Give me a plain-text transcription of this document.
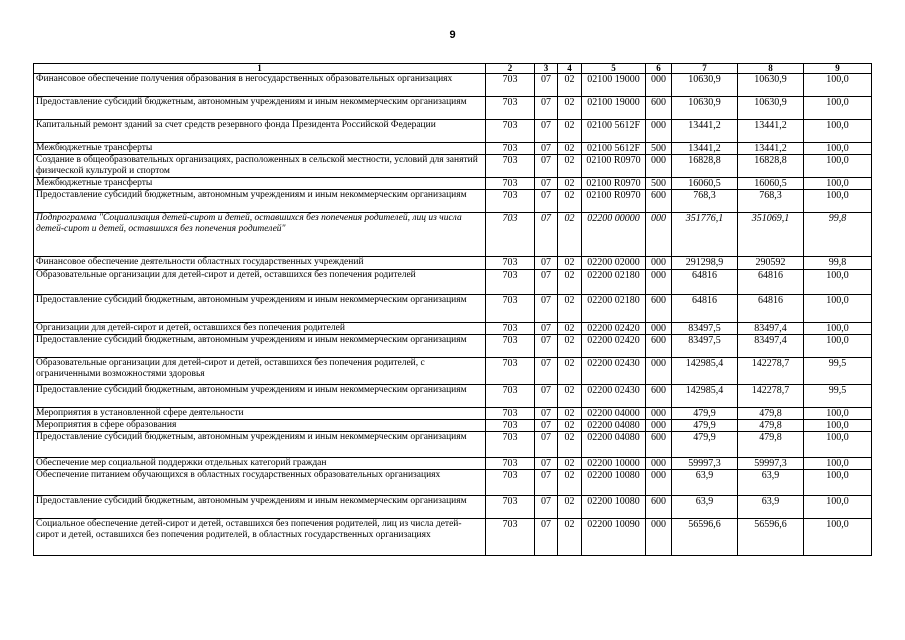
9
1	2	3	4	5	6	7	8	9
Финансовое обеспечение получения образования в негосударственных образовательных организациях	703	07	02	02100 19000	000	10630,9	10630,9	100,0
Предоставление субсидий бюджетным, автономным учреждениям и иным некоммерческим организациям	703	07	02	02100 19000	600	10630,9	10630,9	100,0
Капитальный ремонт зданий за счет средств резервного фонда Президента Российской Федерации	703	07	02	02100 5612F	000	13441,2	13441,2	100,0
Межбюджетные трансферты	703	07	02	02100 5612F	500	13441,2	13441,2	100,0
Создание в общеобразовательных организациях, расположенных в сельской местности, условий для занятий физической культурой и спортом	703	07	02	02100 R0970	000	16828,8	16828,8	100,0
Межбюджетные трансферты	703	07	02	02100 R0970	500	16060,5	16060,5	100,0
Предоставление субсидий бюджетным, автономным учреждениям и иным некоммерческим организациям	703	07	02	02100 R0970	600	768,3	768,3	100,0
Подпрограмма "Социализация детей-сирот и детей, оставшихся без попечения родителей, лиц из числа детей-сирот и детей, оставшихся без попечения родителей"	703	07	02	02200 00000	000	351776,1	351069,1	99,8
Финансовое обеспечение деятельности областных государственных учреждений	703	07	02	02200 02000	000	291298,9	290592	99,8
Образовательные организации для детей-сирот и детей, оставшихся без попечения родителей	703	07	02	02200 02180	000	64816	64816	100,0
Предоставление субсидий бюджетным, автономным учреждениям и иным некоммерческим организациям	703	07	02	02200 02180	600	64816	64816	100,0
Организации для детей-сирот и детей, оставшихся без попечения родителей	703	07	02	02200 02420	000	83497,5	83497,4	100,0
Предоставление субсидий бюджетным, автономным учреждениям и иным некоммерческим организациям	703	07	02	02200 02420	600	83497,5	83497,4	100,0
Образовательные организации для детей-сирот и детей, оставшихся без попечения родителей, с ограниченными возможностями здоровья	703	07	02	02200 02430	000	142985,4	142278,7	99,5
Предоставление субсидий бюджетным, автономным учреждениям и иным некоммерческим организациям	703	07	02	02200 02430	600	142985,4	142278,7	99,5
Мероприятия в установленной сфере деятельности	703	07	02	02200 04000	000	479,9	479,8	100,0
Мероприятия в сфере образования	703	07	02	02200 04080	000	479,9	479,8	100,0
Предоставление субсидий бюджетным, автономным учреждениям и иным некоммерческим организациям	703	07	02	02200 04080	600	479,9	479,8	100,0
Обеспечение мер социальной поддержки отдельных категорий граждан	703	07	02	02200 10000	000	59997,3	59997,3	100,0
Обеспечение питанием обучающихся в областных государственных образовательных организациях	703	07	02	02200 10080	000	63,9	63,9	100,0
Предоставление субсидий бюджетным, автономным учреждениям и иным некоммерческим организациям	703	07	02	02200 10080	600	63,9	63,9	100,0
Социальное обеспечение детей-сирот и детей, оставшихся без попечения родителей, лиц из числа детей-сирот и детей, оставшихся без попечения родителей, в областных государственных организациях	703	07	02	02200 10090	000	56596,6	56596,6	100,0
